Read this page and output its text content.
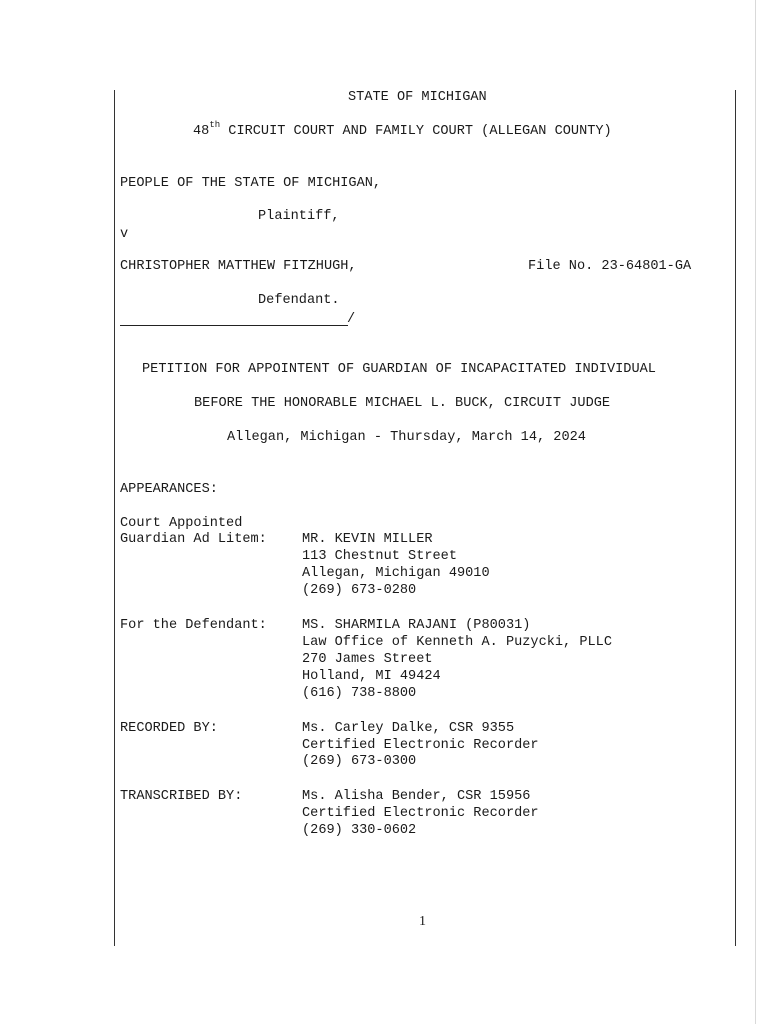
STATE OF MICHIGAN
48th CIRCUIT COURT AND FAMILY COURT (ALLEGAN COUNTY)
PEOPLE OF THE STATE OF MICHIGAN,
Plaintiff,
v
CHRISTOPHER MATTHEW FITZHUGH,	File No. 23-64801-GA
Defendant.
/
PETITION FOR APPOINTENT OF GUARDIAN OF INCAPACITATED INDIVIDUAL
BEFORE THE HONORABLE MICHAEL L. BUCK, CIRCUIT JUDGE
Allegan, Michigan - Thursday, March 14, 2024
APPEARANCES:
Court Appointed
Guardian Ad Litem:	MR. KEVIN MILLER
113 Chestnut Street
Allegan, Michigan 49010
(269) 673-0280
For the Defendant:	MS. SHARMILA RAJANI (P80031)
Law Office of Kenneth A. Puzycki, PLLC
270 James Street
Holland, MI 49424
(616) 738-8800
RECORDED BY:	Ms. Carley Dalke, CSR 9355
Certified Electronic Recorder
(269) 673-0300
TRANSCRIBED BY:	Ms. Alisha Bender, CSR 15956
Certified Electronic Recorder
(269) 330-0602
1
